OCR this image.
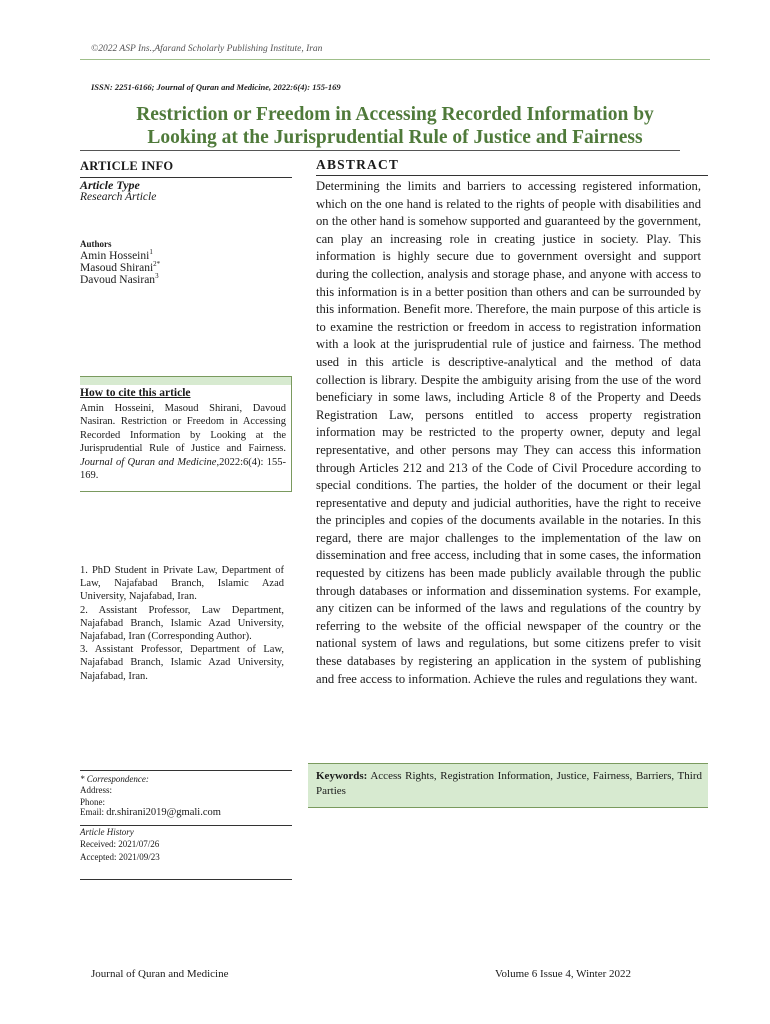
©2022 ASP Ins.,Afarand Scholarly Publishing Institute, Iran
ISSN: 2251-6166; Journal of Quran and Medicine, 2022:6(4): 155-169
Restriction or Freedom in Accessing Recorded Information by
Looking at the Jurisprudential Rule of Justice and Fairness
ARTICLE INFO
Article Type
Research Article
Authors
Amin Hosseini$^1$
Masoud Shirani$^{2*}$
Davoud Nasiran$^3$
How to cite this article
Amin Hosseini, Masoud Shirani, Davoud Nasiran. Restriction or Freedom in Accessing Recorded Information by Looking at the Jurisprudential Rule of Justice and Fairness. Journal of Quran and Medicine,2022:6(4): 155-169.
1. PhD Student in Private Law, Department of Law, Najafabad Branch, Islamic Azad University, Najafabad, Iran.
2. Assistant Professor, Law Department, Najafabad Branch, Islamic Azad University, Najafabad, Iran (Corresponding Author).
3. Assistant Professor, Department of Law, Najafabad Branch, Islamic Azad University, Najafabad, Iran.
* Correspondence:
Address:
Phone:
Email: dr.shirani2019@gmali.com
Article History
Received: 2021/07/26
Accepted: 2021/09/23
ABSTRACT
Determining the limits and barriers to accessing registered information, which on the one hand is related to the rights of people with disabilities and on the other hand is somehow supported and guaranteed by the government, can play an increasing role in creating justice in society. Play. This information is highly secure due to government oversight and support during the collection, analysis and storage phase, and anyone with access to this information is in a better position than others and can be surrounded by this information. Benefit more. Therefore, the main purpose of this article is to examine the restriction or freedom in access to registration information with a look at the jurisprudential rule of justice and fairness. The method used in this article is descriptive-analytical and the method of data collection is library. Despite the ambiguity arising from the use of the word beneficiary in some laws, including Article 8 of the Property and Deeds Registration Law, persons entitled to access property registration information may be restricted to the property owner, deputy and legal representative, and other persons may They can access this information through Articles 212 and 213 of the Code of Civil Procedure according to special conditions. The parties, the holder of the document or their legal representative and deputy and judicial authorities, have the right to receive the principles and copies of the documents available in the notaries. In this regard, there are major challenges to the implementation of the law on dissemination and free access, including that in some cases, the information requested by citizens has been made publicly available through the public through databases or information and dissemination systems. For example, any citizen can be informed of the laws and regulations of the country by referring to the website of the official newspaper of the country or the national system of laws and regulations, but some citizens prefer to visit these databases by registering an application in the system of publishing and free access to information. Achieve the rules and regulations they want.
Keywords: Access Rights, Registration Information, Justice, Fairness, Barriers, Third Parties
Journal of Quran and Medicine	Volume 6 Issue 4, Winter 2022
